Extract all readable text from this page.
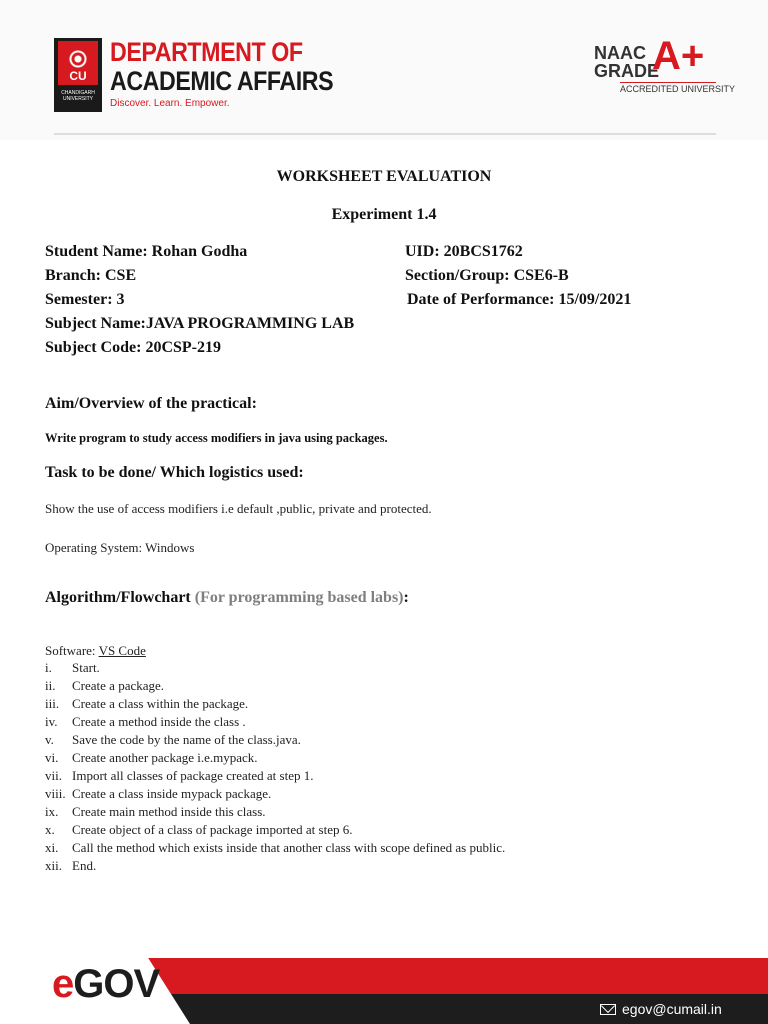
CU
CHANDIGARH UNIVERSITY
DEPARTMENT OF
ACADEMIC AFFAIRS
Discover. Learn. Empower.
NAAC
GRADE
A+
ACCREDITED UNIVERSITY
WORKSHEET EVALUATION
Experiment 1.4
Student Name: Rohan Godha	UID: 20BCS1762
Branch: CSE	Section/Group: CSE6-B
Semester: 3	Date of Performance: 15/09/2021
Subject Name:JAVA PROGRAMMING LAB
Subject Code: 20CSP-219
Aim/Overview of the practical:
Write program to study access modifiers in java using packages.
Task to be done/ Which logistics used:
Show the use of access modifiers i.e default ,public, private and protected.
Operating System: Windows
Algorithm/Flowchart (For programming based labs):
Software: VS Code
i. Start.
ii. Create a package.
iii. Create a class within the package.
iv. Create a method inside the class .
v. Save the code by the name of the class.java.
vi. Create another package i.e.mypack.
vii. Import all classes of package created at step 1.
viii. Create a class inside mypack package.
ix. Create main method inside this class.
x. Create object of a class of package imported at step 6.
xi. Call the method which exists inside that another class with scope defined as public.
xii. End.
eGOV
egov@cumail.in
